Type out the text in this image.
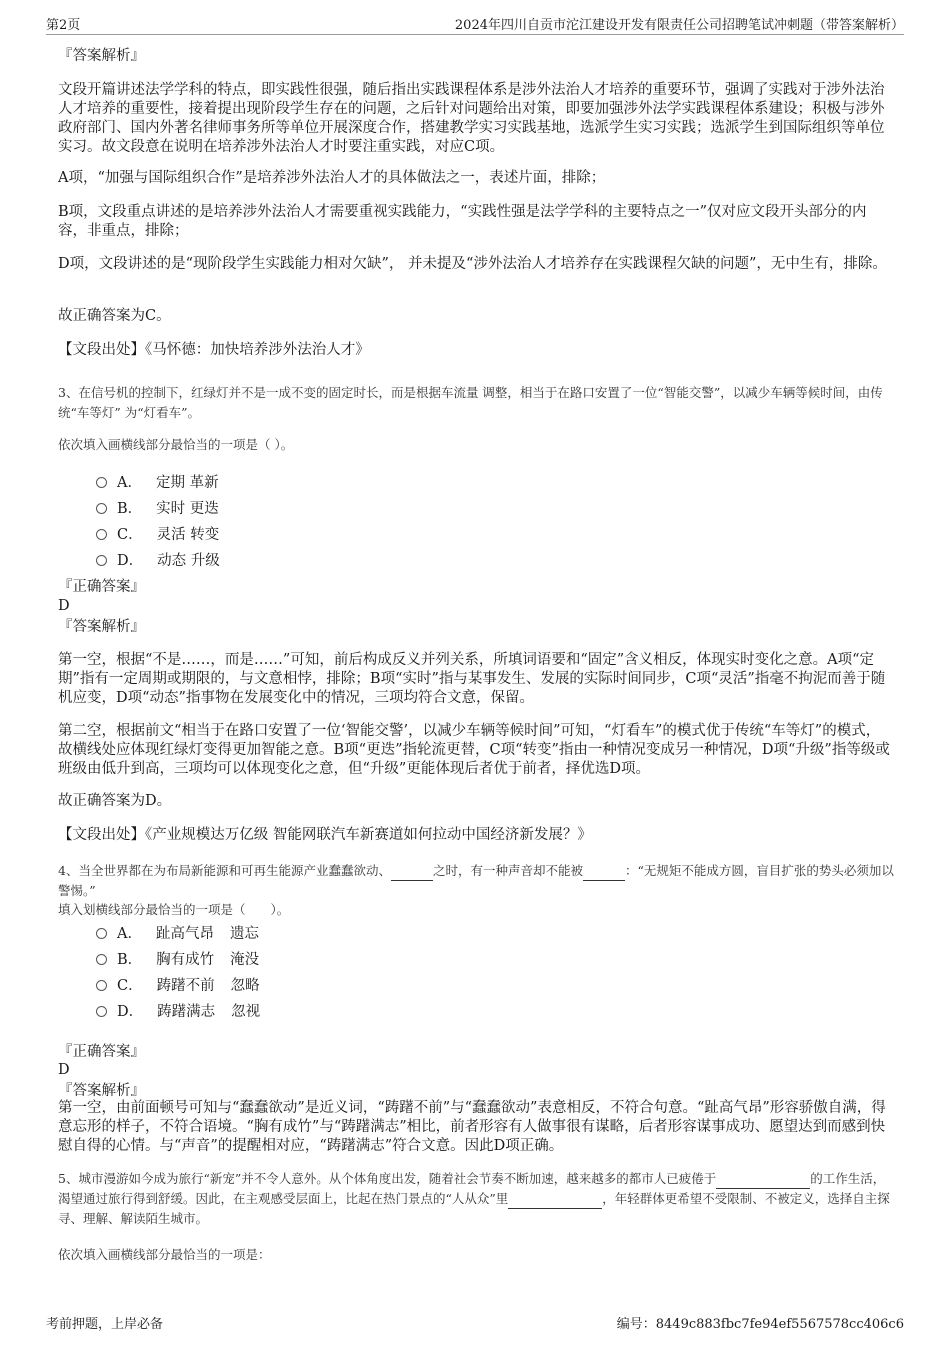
第2页	2024年四川自贡市沱江建设开发有限责任公司招聘笔试冲刺题（带答案解析）
『答案解析』

文段开篇讲述法学学科的特点，即实践性很强，随后指出实践课程体系是涉外法治人才培养的重要环节，强调了实践对于涉外法治人才培养的重要性，接着提出现阶段学生存在的问题，之后针对问题给出对策，即要加强涉外法学实践课程体系建设；积极与涉外政府部门、国内外著名律师事务所等单位开展深度合作，搭建教学实习实践基地，选派学生实习实践；选派学生到国际组织等单位实习。故文段意在说明在培养涉外法治人才时要注重实践，对应C项。

A项，“加强与国际组织合作”是培养涉外法治人才的具体做法之一，表述片面，排除；

B项，文段重点讲述的是培养涉外法治人才需要重视实践能力，“实践性强是法学学科的主要特点之一”仅对应文段开头部分的内容，非重点，排除；

D项，文段讲述的是“现阶段学生实践能力相对欠缺”， 并未提及“涉外法治人才培养存在实践课程欠缺的问题”，无中生有，排除。

故正确答案为C。

【文段出处】《马怀德：加快培养涉外法治人才》

3、在信号机的控制下，红绿灯并不是一成不变的固定时长，而是根据车流量 调整，相当于在路口安置了一位“智能交警”，以减少车辆等候时间，由传统“车等灯” 为“灯看车”。

依次填入画横线部分最恰当的一项是（ ）。

A． 定期 革新
B． 实时 更迭
C． 灵活 转变
D． 动态 升级
『正确答案』
D
『答案解析』

第一空，根据“不是……，而是……”可知，前后构成反义并列关系，所填词语要和“固定”含义相反，体现实时变化之意。A项“定期”指有一定周期或期限的，与文意相悖，排除；B项“实时”指与某事发生、发展的实际时间同步，C项“灵活”指毫不拘泥而善于随机应变，D项“动态”指事物在发展变化中的情况，三项均符合文意，保留。

第二空，根据前文“相当于在路口安置了一位‘智能交警’，以减少车辆等候时间”可知，“灯看车”的模式优于传统“车等灯”的模式，故横线处应体现红绿灯变得更加智能之意。B项“更迭”指轮流更替，C项“转变”指由一种情况变成另一种情况，D项“升级”指等级或班级由低升到高，三项均可以体现变化之意，但“升级”更能体现后者优于前者，择优选D项。

故正确答案为D。

【文段出处】《产业规模达万亿级 智能网联汽车新赛道如何拉动中国经济新发展？》

4、当全世界都在为布局新能源和可再生能源产业蠢蠢欲动、	之时，有一种声音却不能被	：“无规矩不能成方圆，盲目扩张的势头必须加以警惕。”

填入划横线部分最恰当的一项是（　　）。

A． 趾高气昂 遗忘
B． 胸有成竹 淹没
C． 踌躇不前 忽略
D． 踌躇满志 忽视
『正确答案』
D
『答案解析』

第一空，由前面顿号可知与“蠢蠢欲动”是近义词，“踌躇不前”与“蠢蠢欲动”表意相反，不符合句意。“趾高气昂”形容骄傲自满，得意忘形的样子，不符合语境。“胸有成竹”与“踌躇满志”相比，前者形容有人做事很有谋略，后者形容谋事成功、愿望达到而感到快慰自得的心情。与“声音”的提醒相对应，“踌躇满志”符合文意。因此D项正确。

5、城市漫游如今成为旅行“新宠”并不令人意外。从个体角度出发，随着社会节奏不断加速，越来越多的都市人已疲倦于	的工作生活，渴望通过旅行得到舒缓。因此，在主观感受层面上，比起在热门景点的“人从众”里	，年轻群体更希望不受限制、不被定义，选择自主探寻、理解、解读陌生城市。

依次填入画横线部分最恰当的一项是：

考前押题，上岸必备	编号：8449c883fbc7fe94ef5567578cc406c6
